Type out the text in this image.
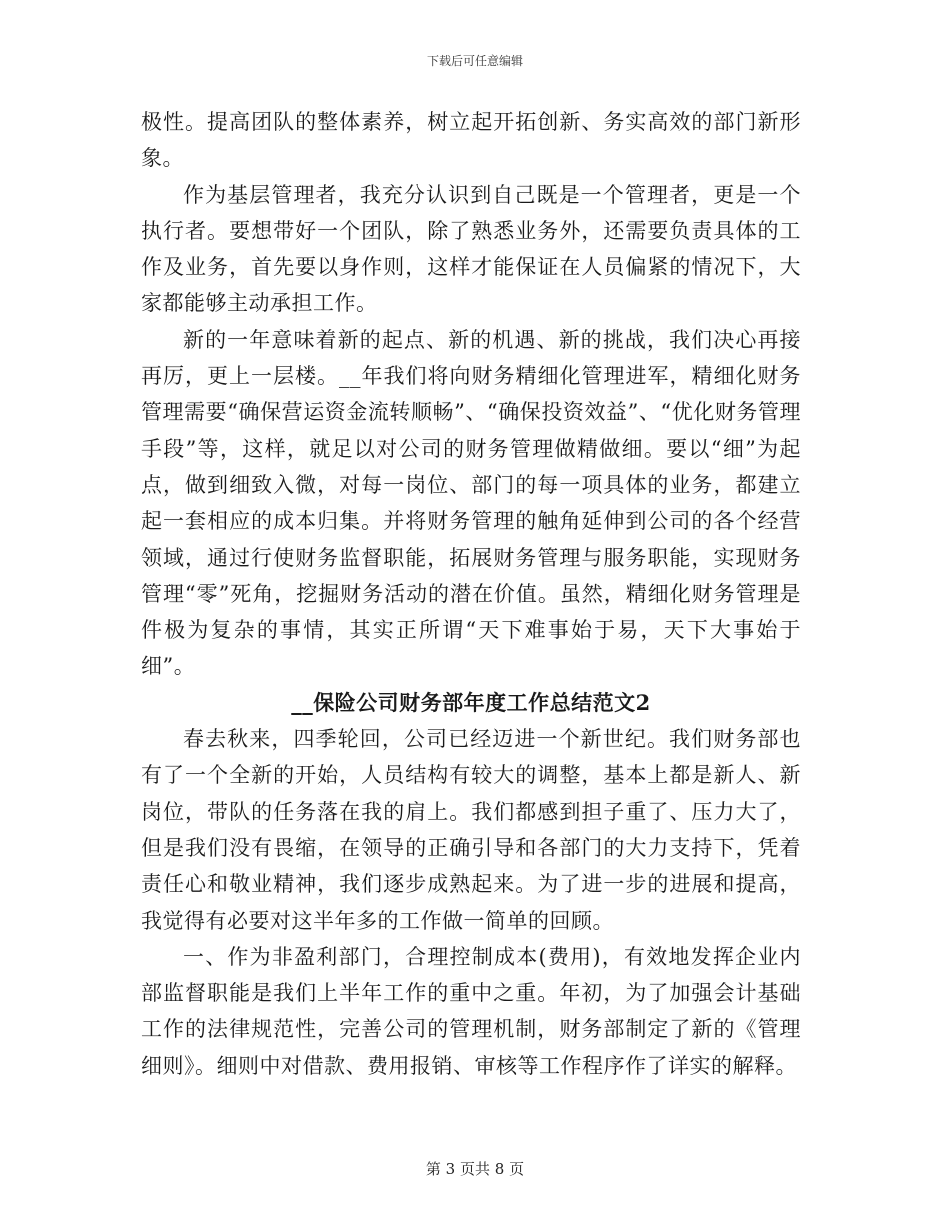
下载后可任意编辑

极性。提高团队的整体素养，树立起开拓创新、务实高效的部门新形象。

作为基层管理者，我充分认识到自己既是一个管理者，更是一个执行者。要想带好一个团队，除了熟悉业务外，还需要负责具体的工作及业务，首先要以身作则，这样才能保证在人员偏紧的情况下，大家都能够主动承担工作。

新的一年意味着新的起点、新的机遇、新的挑战，我们决心再接再厉，更上一层楼。__年我们将向财务精细化管理进军，精细化财务管理需要“确保营运资金流转顺畅”、“确保投资效益”、“优化财务管理手段”等，这样，就足以对公司的财务管理做精做细。要以“细”为起点，做到细致入微，对每一岗位、部门的每一项具体的业务，都建立起一套相应的成本归集。并将财务管理的触角延伸到公司的各个经营领域，通过行使财务监督职能，拓展财务管理与服务职能，实现财务管理“零”死角，挖掘财务活动的潜在价值。虽然，精细化财务管理是件极为复杂的事情，其实正所谓“天下难事始于易，天下大事始于细”。

__保险公司财务部年度工作总结范文2

春去秋来，四季轮回，公司已经迈进一个新世纪。我们财务部也有了一个全新的开始，人员结构有较大的调整，基本上都是新人、新岗位，带队的任务落在我的肩上。我们都感到担子重了、压力大了，但是我们没有畏缩，在领导的正确引导和各部门的大力支持下，凭着责任心和敬业精神，我们逐步成熟起来。为了进一步的进展和提高，我觉得有必要对这半年多的工作做一简单的回顾。

一、作为非盈利部门，合理控制成本(费用)，有效地发挥企业内部监督职能是我们上半年工作的重中之重。年初，为了加强会计基础工作的法律规范性，完善公司的管理机制，财务部制定了新的《管理细则》。细则中对借款、费用报销、审核等工作程序作了详实的解释。

第 3 页共 8 页
